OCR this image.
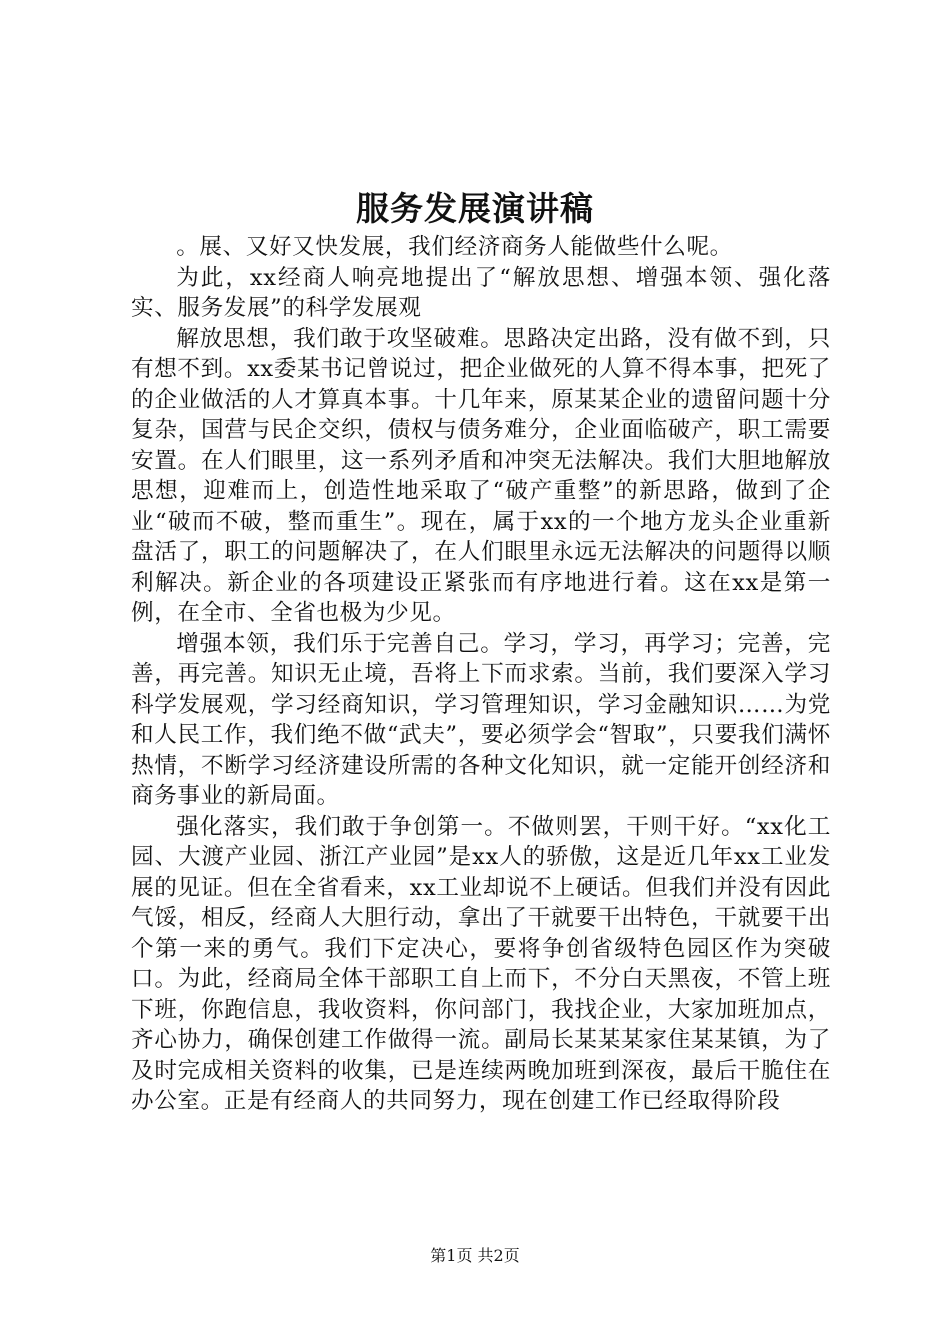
服务发展演讲稿

。展、又好又快发展，我们经济商务人能做些什么呢。

为此，xx经商人响亮地提出了“解放思想、增强本领、强化落实、服务发展”的科学发展观

解放思想，我们敢于攻坚破难。思路决定出路，没有做不到，只有想不到。xx委某书记曾说过，把企业做死的人算不得本事，把死了的企业做活的人才算真本事。十几年来，原某某企业的遗留问题十分复杂，国营与民企交织，债权与债务难分，企业面临破产，职工需要安置。在人们眼里，这一系列矛盾和冲突无法解决。我们大胆地解放思想，迎难而上，创造性地采取了“破产重整”的新思路，做到了企业“破而不破，整而重生”。现在，属于xx的一个地方龙头企业重新盘活了，职工的问题解决了，在人们眼里永远无法解决的问题得以顺利解决。新企业的各项建设正紧张而有序地进行着。这在xx是第一例，在全市、全省也极为少见。

增强本领，我们乐于完善自己。学习，学习，再学习；完善，完善，再完善。知识无止境，吾将上下而求索。当前，我们要深入学习科学发展观，学习经商知识，学习管理知识，学习金融知识……为党和人民工作，我们绝不做“武夫”，要必须学会“智取”，只要我们满怀热情，不断学习经济建设所需的各种文化知识，就一定能开创经济和商务事业的新局面。

强化落实，我们敢于争创第一。不做则罢，干则干好。“xx化工园、大渡产业园、浙江产业园”是xx人的骄傲，这是近几年xx工业发展的见证。但在全省看来，xx工业却说不上硬话。但我们并没有因此气馁，相反，经商人大胆行动，拿出了干就要干出特色，干就要干出个第一来的勇气。我们下定决心，要将争创省级特色园区作为突破口。为此，经商局全体干部职工自上而下，不分白天黑夜，不管上班下班，你跑信息，我收资料，你问部门，我找企业，大家加班加点，齐心协力，确保创建工作做得一流。副局长某某某家住某某镇，为了及时完成相关资料的收集，已是连续两晚加班到深夜，最后干脆住在办公室。正是有经商人的共同努力，现在创建工作已经取得阶段

第1页 共2页
